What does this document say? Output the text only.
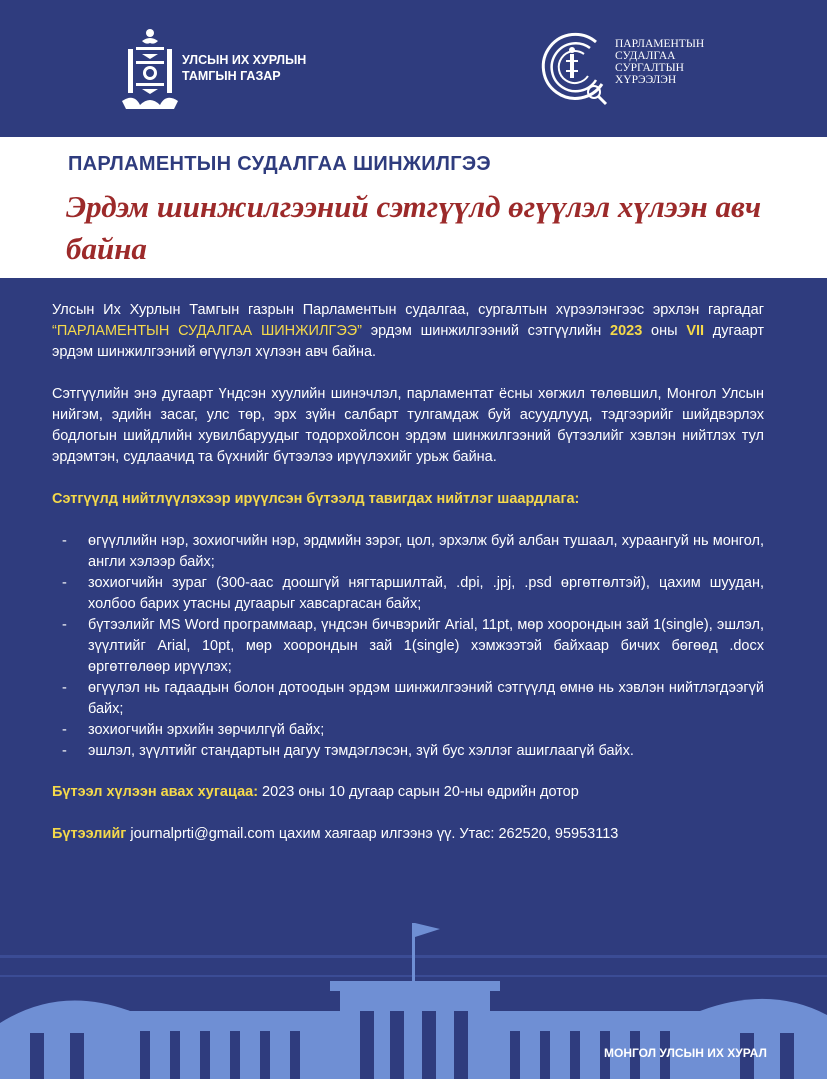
УЛСЫН ИХ ХУРЛЫН
ТАМГЫН ГАЗАР
ПАРЛАМЕНТЫН
СУДАЛГАА
СУРГАЛТЫН
ХҮРЭЭЛЭН
ПАРЛАМЕНТЫН СУДАЛГАА ШИНЖИЛГЭЭ
Эрдэм шинжилгээний сэтгүүлд өгүүлэл хүлээн авч байна

Улсын Их Хурлын Тамгын газрын Парламентын судалгаа, сургалтын хүрээлэнгээс эрхлэн гаргадаг “ПАРЛАМЕНТЫН СУДАЛГАА ШИНЖИЛГЭЭ” эрдэм шинжилгээний сэтгүүлийн 2023 оны VII дугаарт эрдэм шинжилгээний өгүүлэл хүлээн авч байна.

Сэтгүүлийн энэ дугаарт Үндсэн хуулийн шинэчлэл, парламентат ёсны хөгжил төлөвшил, Монгол Улсын нийгэм, эдийн засаг, улс төр, эрх зүйн салбарт тулгамдаж буй асуудлууд, тэдгээрийг шийдвэрлэх бодлогын шийдлийн хувилбаруудыг тодорхойлсон эрдэм шинжилгээний бүтээлийг хэвлэн нийтлэх тул эрдэмтэн, судлаачид та бүхнийг бүтээлээ ирүүлэхийг урьж байна.

Сэтгүүлд нийтлүүлэхээр ирүүлсэн бүтээлд тавигдах нийтлэг шаардлага:

- өгүүллийн нэр, зохиогчийн нэр, эрдмийн зэрэг, цол, эрхэлж буй албан тушаал, хураангуй нь монгол, англи хэлээр байх;
- зохиогчийн зураг (300-аас доошгүй нягтаршилтай, .dpi, .jpj, .psd өргөтгөлтэй), цахим шуудан, холбоо барих утасны дугаарыг хавсаргасан байх;
- бүтээлийг MS Word программаар, үндсэн бичвэрийг Arial, 11pt, мөр хоорондын зай 1(single), эшлэл, зүүлтийг Arial, 10pt, мөр хоорондын зай 1(single) хэмжээтэй байхаар бичих бөгөөд .docx өргөтгөлөөр ирүүлэх;
- өгүүлэл нь гадаадын болон дотоодын эрдэм шинжилгээний сэтгүүлд өмнө нь хэвлэн нийтлэгдээгүй байх;
- зохиогчийн эрхийн зөрчилгүй байх;
- эшлэл, зүүлтийг стандартын дагуу тэмдэглэсэн, зүй бус хэллэг ашиглаагүй байх.

Бүтээл хүлээн авах хугацаа: 2023 оны 10 дугаар сарын 20-ны өдрийн дотор

Бүтээлийг journalprti@gmail.com цахим хаягаар илгээнэ үү. Утас: 262520, 95953113

МОНГОЛ УЛСЫН ИХ ХУРАЛ
